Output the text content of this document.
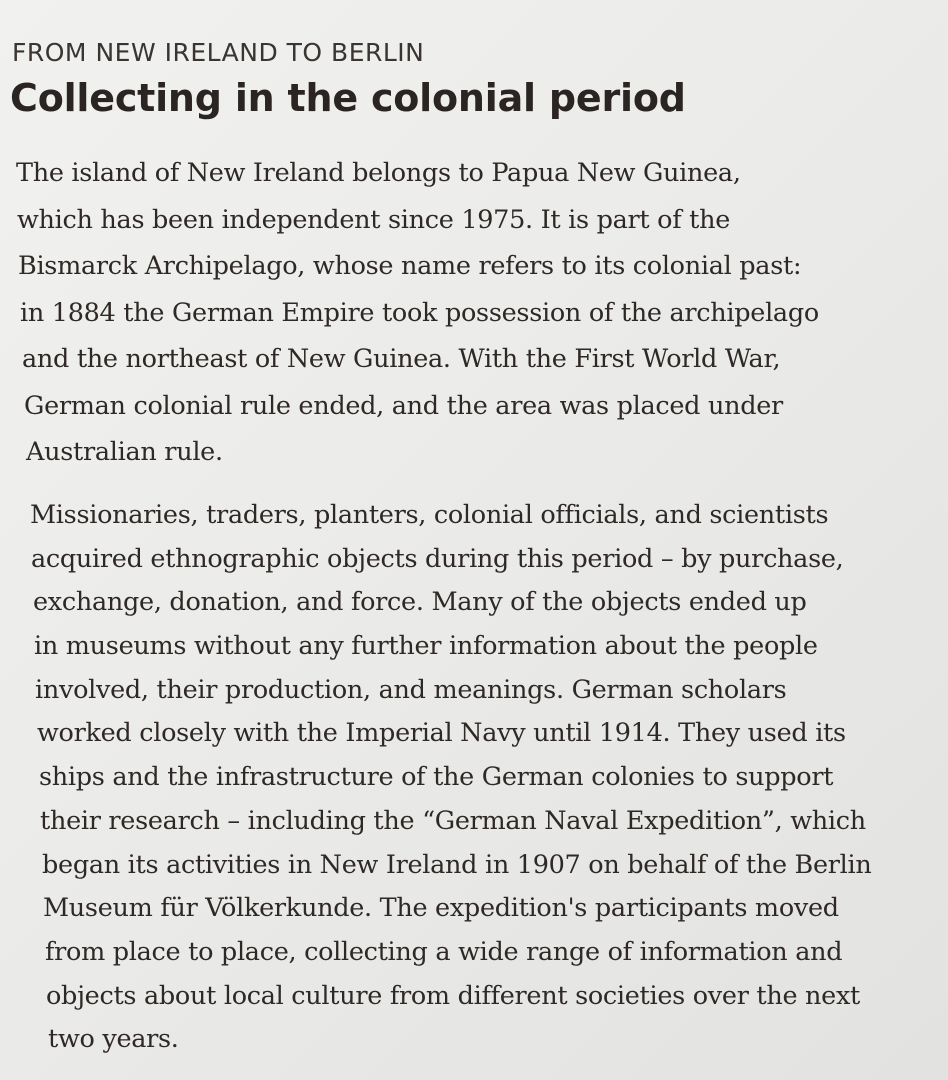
FROM NEW IRELAND TO BERLIN
Collecting in the colonial period
The island of New Ireland belongs to Papua New Guinea,
which has been independent since 1975. It is part of the
Bismarck Archipelago, whose name refers to its colonial past:
in 1884 the German Empire took possession of the archipelago
and the northeast of New Guinea. With the First World War,
German colonial rule ended, and the area was placed under
Australian rule.
Missionaries, traders, planters, colonial officials, and scientists
acquired ethnographic objects during this period – by purchase,
exchange, donation, and force. Many of the objects ended up
in museums without any further information about the people
involved, their production, and meanings. German scholars
worked closely with the Imperial Navy until 1914. They used its
ships and the infrastructure of the German colonies to support
their research – including the “German Naval Expedition”, which
began its activities in New Ireland in 1907 on behalf of the Berlin
Museum für Völkerkunde. The expedition's participants moved
from place to place, collecting a wide range of information and
objects about local culture from different societies over the next
two years.
